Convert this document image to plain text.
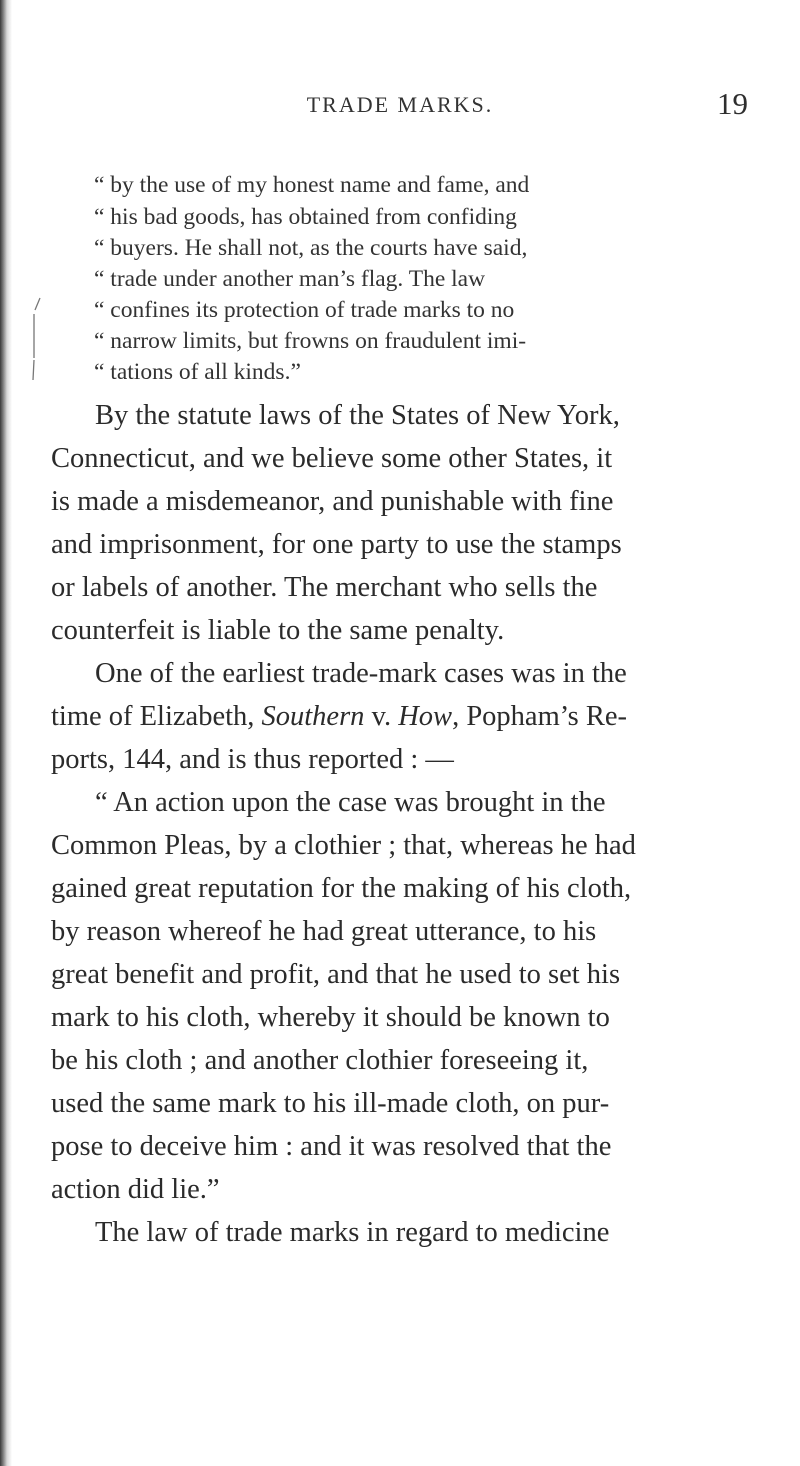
TRADE MARKS.	19
“ by the use of my honest name and fame, and
“ his bad goods, has obtained from confiding
“ buyers. He shall not, as the courts have said,
“ trade under another man’s flag. The law
“ confines its protection of trade marks to no
“ narrow limits, but frowns on fraudulent imi-
“ tations of all kinds.”
By the statute laws of the States of New York,
Connecticut, and we believe some other States, it
is made a misdemeanor, and punishable with fine
and imprisonment, for one party to use the stamps
or labels of another. The merchant who sells the
counterfeit is liable to the same penalty.
One of the earliest trade-mark cases was in the
time of Elizabeth, Southern v. How, Popham’s Re-
ports, 144, and is thus reported : —
“ An action upon the case was brought in the
Common Pleas, by a clothier ; that, whereas he had
gained great reputation for the making of his cloth,
by reason whereof he had great utterance, to his
great benefit and profit, and that he used to set his
mark to his cloth, whereby it should be known to
be his cloth ; and another clothier foreseeing it,
used the same mark to his ill-made cloth, on pur-
pose to deceive him : and it was resolved that the
action did lie.”
The law of trade marks in regard to medicine
